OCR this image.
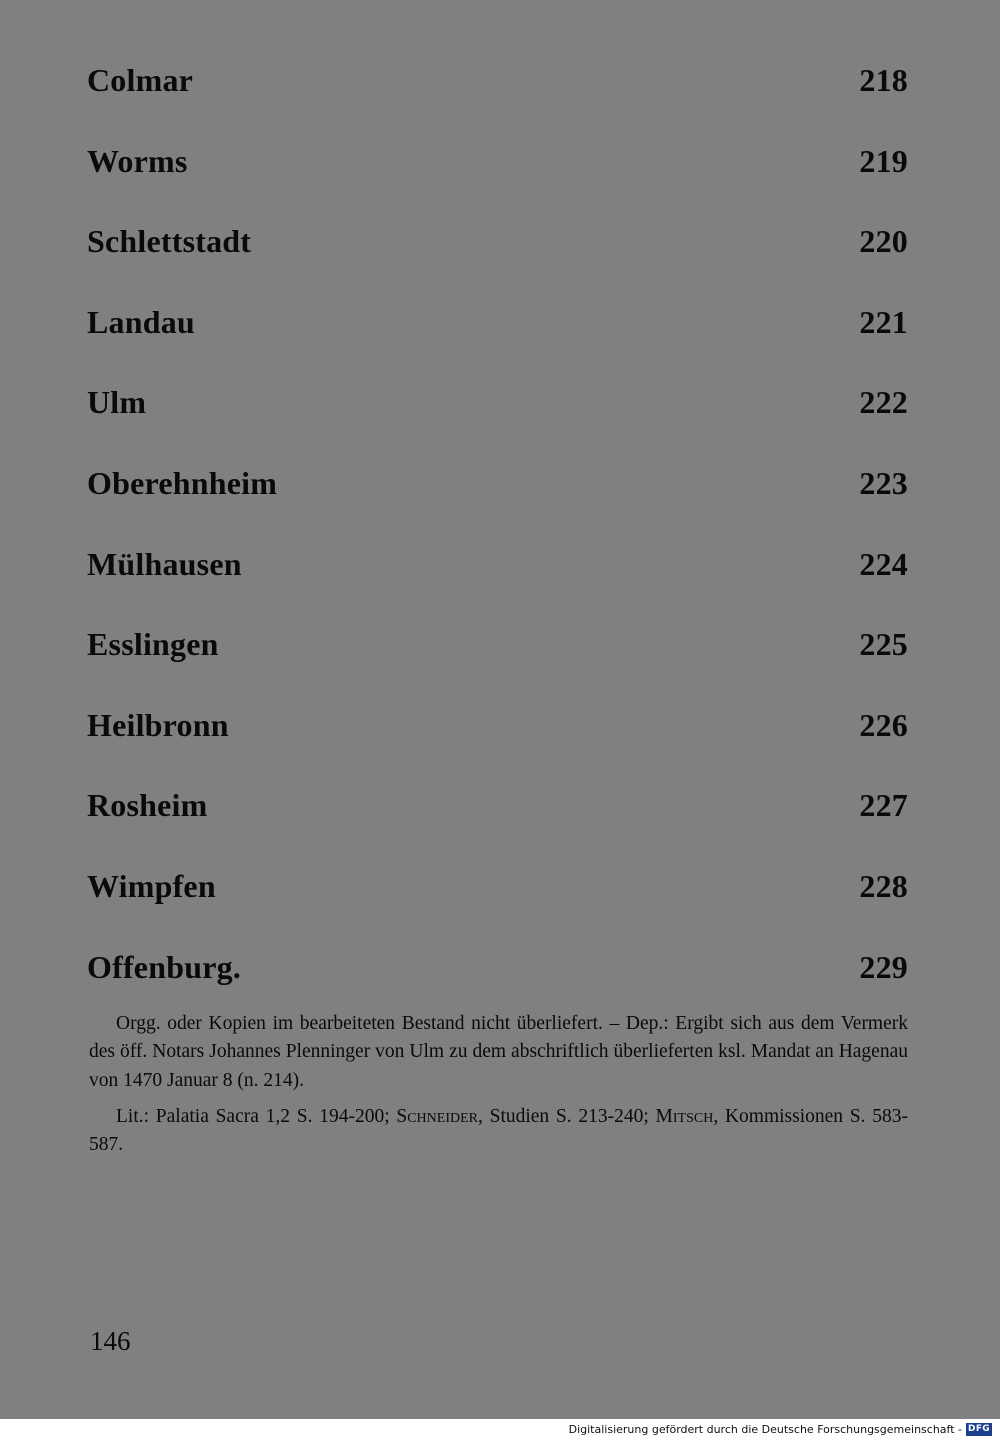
Colmar	218
Worms	219
Schlettstadt	220
Landau	221
Ulm	222
Oberehnheim	223
Mülhausen	224
Esslingen	225
Heilbronn	226
Rosheim	227
Wimpfen	228
Offenburg.	229

Orgg. oder Kopien im bearbeiteten Bestand nicht überliefert. – Dep.: Ergibt sich aus dem Vermerk des öff. Notars Johannes Plenninger von Ulm zu dem abschriftlich überlieferten ksl. Mandat an Hagenau von 1470 Januar 8 (n. 214).

Lit.: Palatia Sacra 1,2 S. 194-200; Schneider, Studien S. 213-240; Mitsch, Kommissionen S. 583-587.

146
Digitalisierung gefördert durch die Deutsche Forschungsgemeinschaft - DFG
